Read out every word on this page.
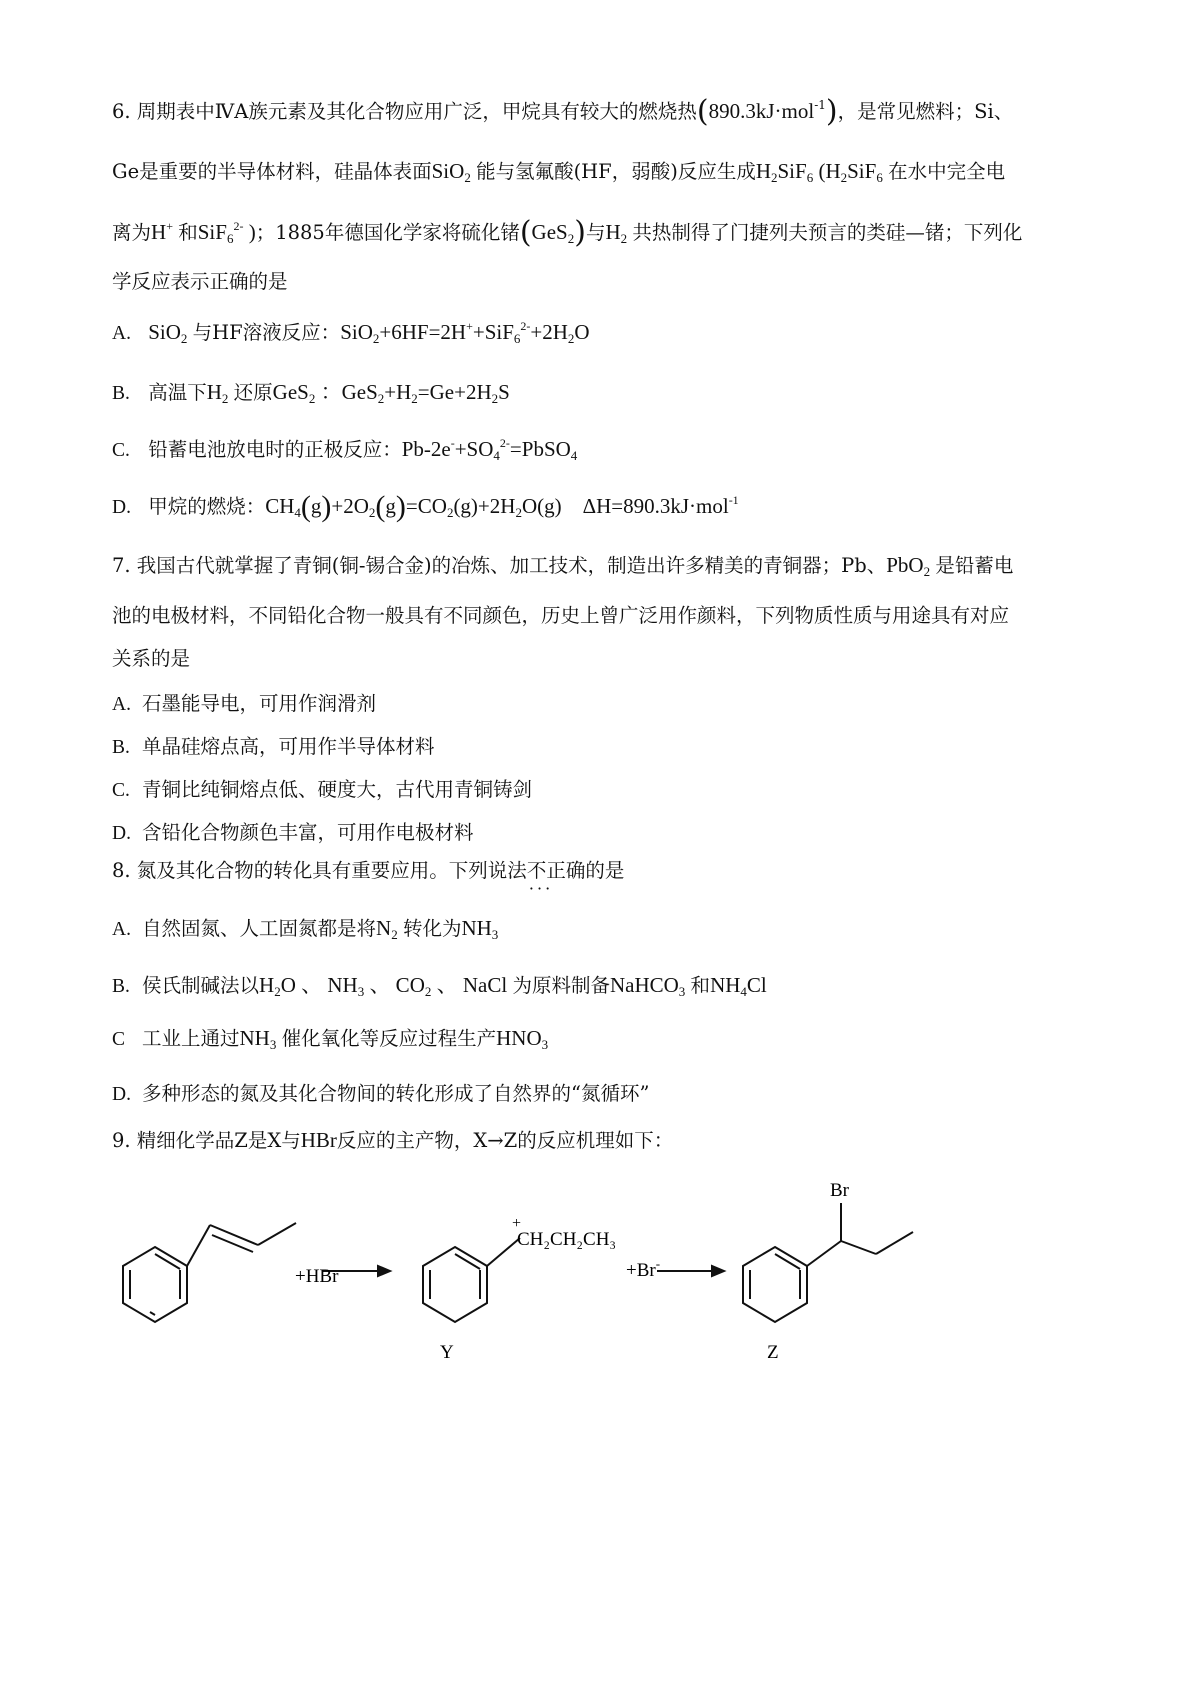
6. 周期表中ⅣA族元素及其化合物应用广泛，甲烷具有较大的燃烧热(890.3kJ·mol$^{-1}$)，是常见燃料；Si、
Ge是重要的半导体材料，硅晶体表面SiO$_2$ 能与氢氟酸(HF，弱酸)反应生成$H_2SiF_6$ ($H_2SiF_6$ 在水中完全电
离为H+ 和SiF$_6^{2-}$ )；1885年德国化学家将硫化锗(GeS$_2$)与$H_2$ 共热制得了门捷列夫预言的类硅—锗；下列化
学反应表示正确的是
A. SiO$_2$ 与HF溶液反应：$SiO_2+6HF=2H^++SiF_6^{2-}+2H_2O$
B. 高温下$H_2$ 还原GeS$_2$ ：$GeS_2+H_2=Ge+2H_2S$
C. 铅蓄电池放电时的正极反应：$Pb-2e^-+SO_4^{2-}=PbSO_4$
D. 甲烷的燃烧：$CH_4(g)+2O_2(g)=CO_2(g)+2H_2O(g)$    ΔH=890.3kJ·mol$^{-1}$
7. 我国古代就掌握了青铜(铜-锡合金)的冶炼、加工技术，制造出许多精美的青铜器；Pb、PbO$_2$ 是铅蓄电
池的电极材料，不同铅化合物一般具有不同颜色，历史上曾广泛用作颜料，下列物质性质与用途具有对应
关系的是
A. 石墨能导电，可用作润滑剂
B. 单晶硅熔点高，可用作半导体材料
C. 青铜比纯铜熔点低、硬度大，古代用青铜铸剑
D. 含铅化合物颜色丰富，可用作电极材料
8. 氮及其化合物的转化具有重要应用。下列说法不正确 · · ·的是
A. 自然固氮、人工固氮都是将$N_2$ 转化为$NH_3$
B. 侯氏制碱法以$H_2O$ 、 $NH_3$ 、 $CO_2$ 、 NaCl 为原料制备NaHCO$_3$ 和$NH_4Cl$
C 工业上通过$NH_3$ 催化氧化等反应过程生产$HNO_3$
D. 多种形态的氮及其化合物间的转化形成了自然界的“氮循环”
9. 精细化学品Z是X与HBr反应的主产物，X→Z的反应机理如下：
+HBr
+
CH₂CH₂CH₃
Y
+Br-
Z
Br
